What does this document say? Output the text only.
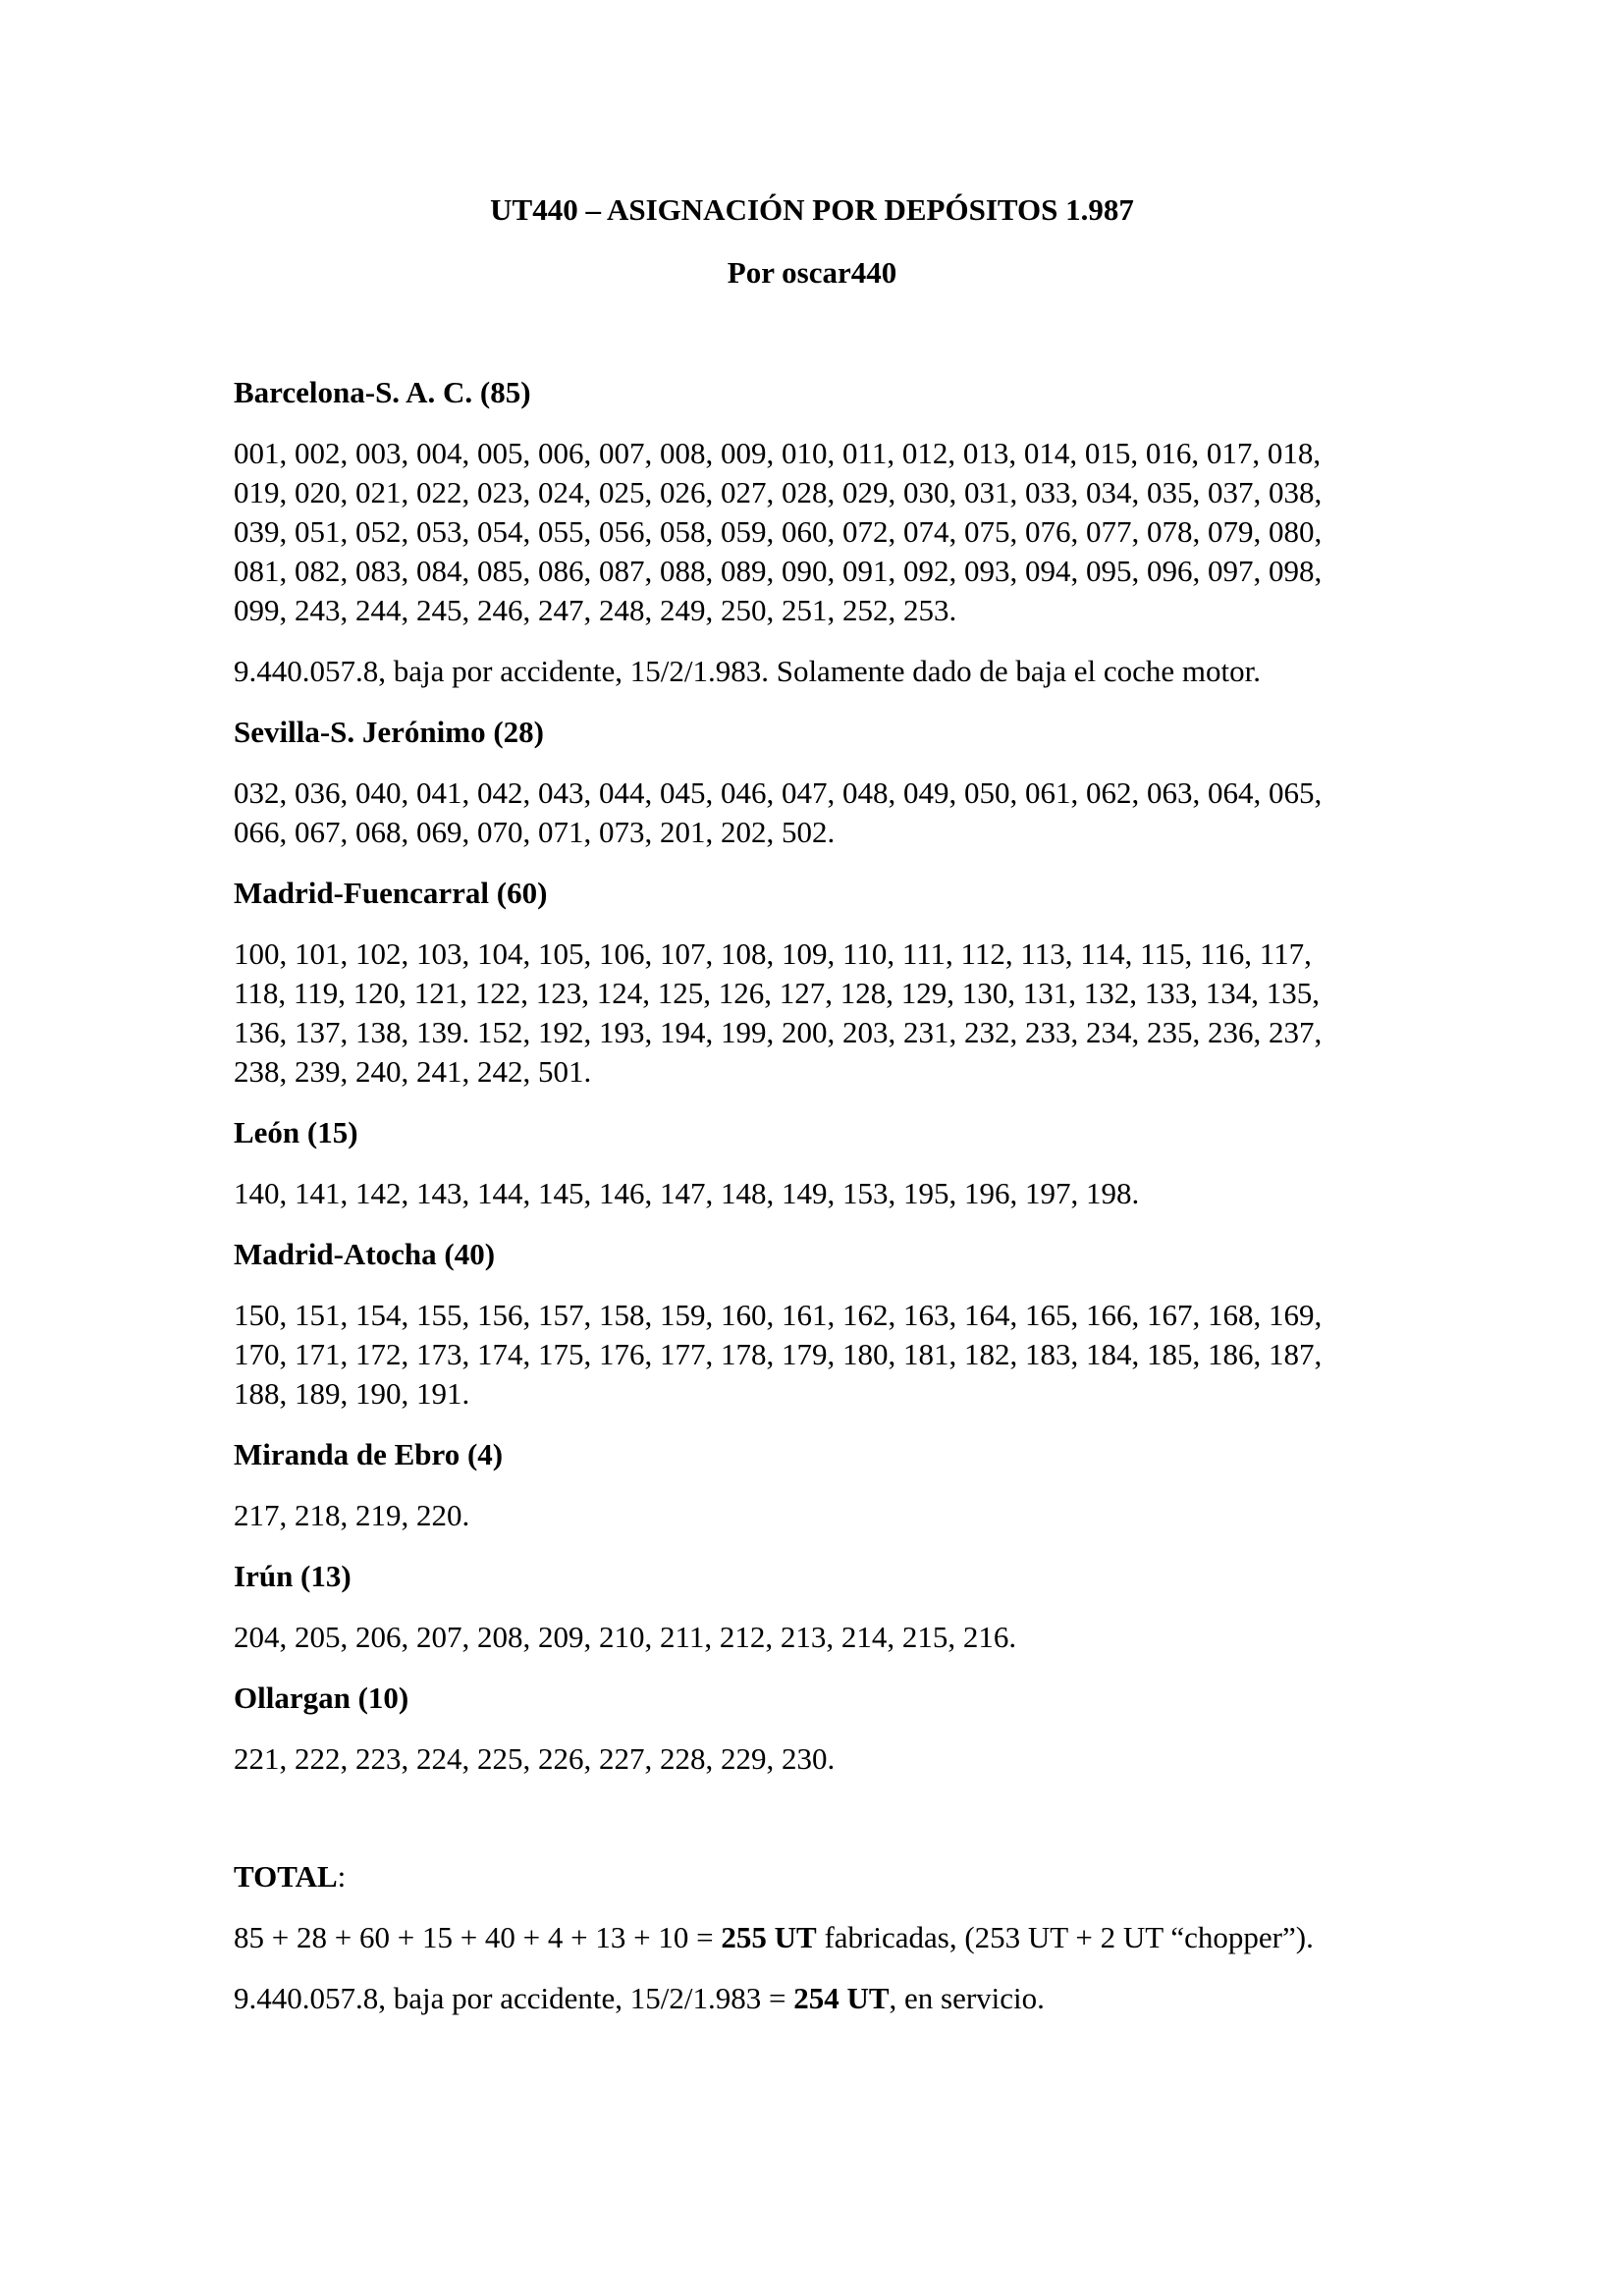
UT440 – ASIGNACIÓN POR DEPÓSITOS 1.987

Por oscar440

Barcelona-S. A. C. (85)

001, 002, 003, 004, 005, 006, 007, 008, 009, 010, 011, 012, 013, 014, 015, 016, 017, 018,
019, 020, 021, 022, 023, 024, 025, 026, 027, 028, 029, 030, 031, 033, 034, 035, 037, 038,
039, 051, 052, 053, 054, 055, 056, 058, 059, 060, 072, 074, 075, 076, 077, 078, 079, 080,
081, 082, 083, 084, 085, 086, 087, 088, 089, 090, 091, 092, 093, 094, 095, 096, 097, 098,
099, 243, 244, 245, 246, 247, 248, 249, 250, 251, 252, 253.

9.440.057.8, baja por accidente, 15/2/1.983. Solamente dado de baja el coche motor.

Sevilla-S. Jerónimo (28)

032, 036, 040, 041, 042, 043, 044, 045, 046, 047, 048, 049, 050, 061, 062, 063, 064, 065,
066, 067, 068, 069, 070, 071, 073, 201, 202, 502.

Madrid-Fuencarral (60)

100, 101, 102, 103, 104, 105, 106, 107, 108, 109, 110, 111, 112, 113, 114, 115, 116, 117,
118, 119, 120, 121, 122, 123, 124, 125, 126, 127, 128, 129, 130, 131, 132, 133, 134, 135,
136, 137, 138, 139. 152, 192, 193, 194, 199, 200, 203, 231, 232, 233, 234, 235, 236, 237,
238, 239, 240, 241, 242, 501.

León (15)

140, 141, 142, 143, 144, 145, 146, 147, 148, 149, 153, 195, 196, 197, 198.

Madrid-Atocha (40)

150, 151, 154, 155, 156, 157, 158, 159, 160, 161, 162, 163, 164, 165, 166, 167, 168, 169,
170, 171, 172, 173, 174, 175, 176, 177, 178, 179, 180, 181, 182, 183, 184, 185, 186, 187,
188, 189, 190, 191.

Miranda de Ebro (4)

217, 218, 219, 220.

Irún (13)

204, 205, 206, 207, 208, 209, 210, 211, 212, 213, 214, 215, 216.

Ollargan (10)

221, 222, 223, 224, 225, 226, 227, 228, 229, 230.

TOTAL:

85 + 28 + 60 + 15 + 40 + 4 + 13 + 10 = 255 UT fabricadas, (253 UT + 2 UT “chopper”).

9.440.057.8, baja por accidente, 15/2/1.983 = 254 UT, en servicio.
